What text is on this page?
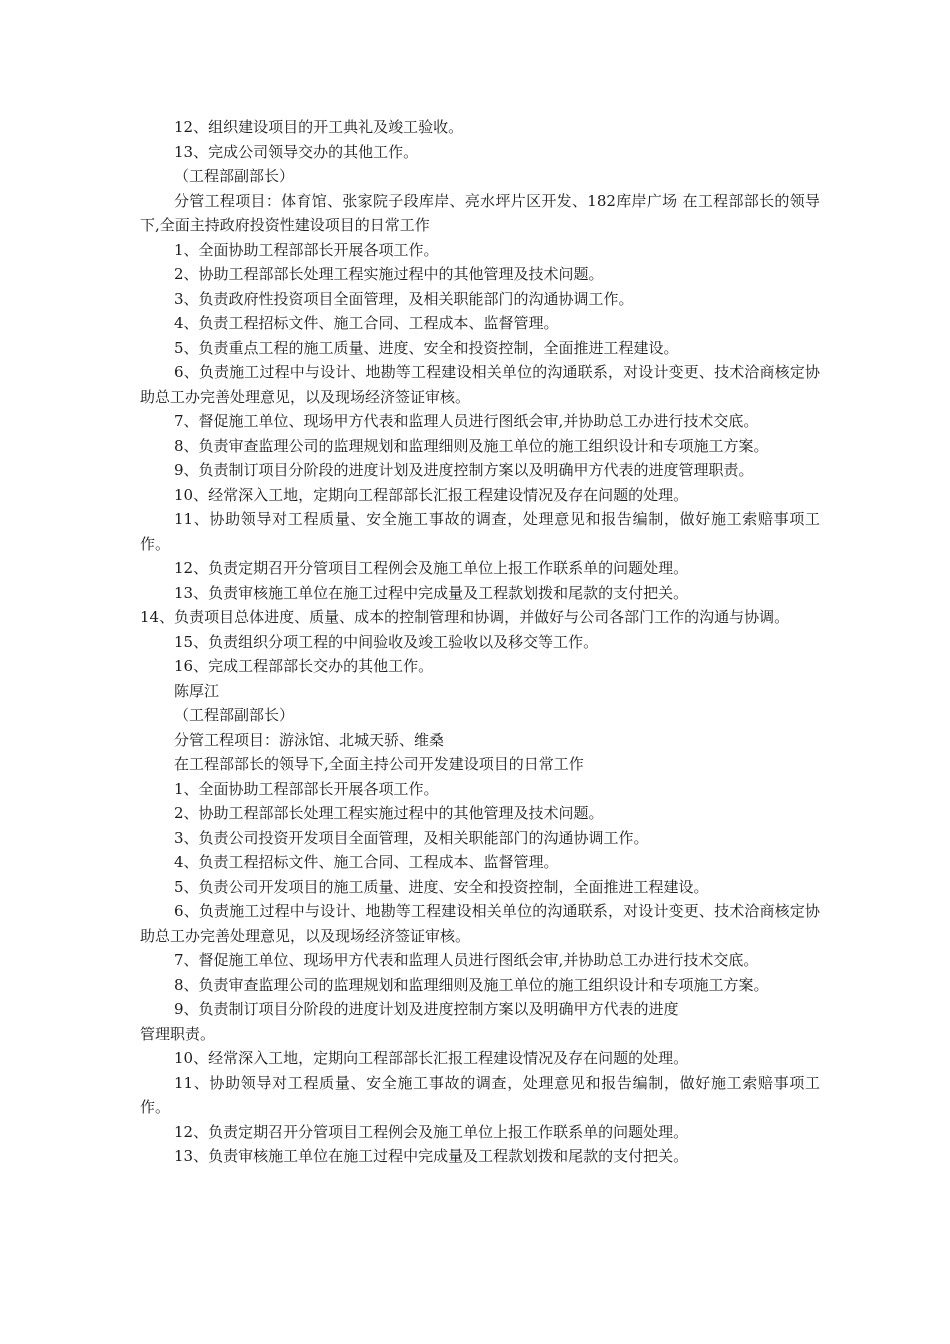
12、组织建设项目的开工典礼及竣工验收。

13、完成公司领导交办的其他工作。

（工程部副部长）

分管工程项目：体育馆、张家院子段库岸、亮水坪片区开发、182库岸广场 在工程部部长的领导下,全面主持政府投资性建设项目的日常工作

1、全面协助工程部部长开展各项工作。

2、协助工程部部长处理工程实施过程中的其他管理及技术问题。

3、负责政府性投资项目全面管理，及相关职能部门的沟通协调工作。

4、负责工程招标文件、施工合同、工程成本、监督管理。

5、负责重点工程的施工质量、进度、安全和投资控制，全面推进工程建设。

6、负责施工过程中与设计、地勘等工程建设相关单位的沟通联系，对设计变更、技术洽商核定协助总工办完善处理意见，以及现场经济签证审核。

7、督促施工单位、现场甲方代表和监理人员进行图纸会审,并协助总工办进行技术交底。

8、负责审查监理公司的监理规划和监理细则及施工单位的施工组织设计和专项施工方案。

9、负责制订项目分阶段的进度计划及进度控制方案以及明确甲方代表的进度管理职责。

10、经常深入工地，定期向工程部部长汇报工程建设情况及存在问题的处理。

11、协助领导对工程质量、安全施工事故的调查，处理意见和报告编制，做好施工索赔事项工作。

12、负责定期召开分管项目工程例会及施工单位上报工作联系单的问题处理。

13、负责审核施工单位在施工过程中完成量及工程款划拨和尾款的支付把关。

14、负责项目总体进度、质量、成本的控制管理和协调，并做好与公司各部门工作的沟通与协调。

15、负责组织分项工程的中间验收及竣工验收以及移交等工作。

16、完成工程部部长交办的其他工作。

陈厚江

（工程部副部长）

分管工程项目：游泳馆、北城天骄、维桑

在工程部部长的领导下,全面主持公司开发建设项目的日常工作

1、全面协助工程部部长开展各项工作。

2、协助工程部部长处理工程实施过程中的其他管理及技术问题。

3、负责公司投资开发项目全面管理，及相关职能部门的沟通协调工作。

4、负责工程招标文件、施工合同、工程成本、监督管理。

5、负责公司开发项目的施工质量、进度、安全和投资控制，全面推进工程建设。

6、负责施工过程中与设计、地勘等工程建设相关单位的沟通联系，对设计变更、技术洽商核定协助总工办完善处理意见，以及现场经济签证审核。

7、督促施工单位、现场甲方代表和监理人员进行图纸会审,并协助总工办进行技术交底。

8、负责审查监理公司的监理规划和监理细则及施工单位的施工组织设计和专项施工方案。

9、负责制订项目分阶段的进度计划及进度控制方案以及明确甲方代表的进度

管理职责。

10、经常深入工地，定期向工程部部长汇报工程建设情况及存在问题的处理。

11、协助领导对工程质量、安全施工事故的调查，处理意见和报告编制，做好施工索赔事项工作。

12、负责定期召开分管项目工程例会及施工单位上报工作联系单的问题处理。

13、负责审核施工单位在施工过程中完成量及工程款划拨和尾款的支付把关。
